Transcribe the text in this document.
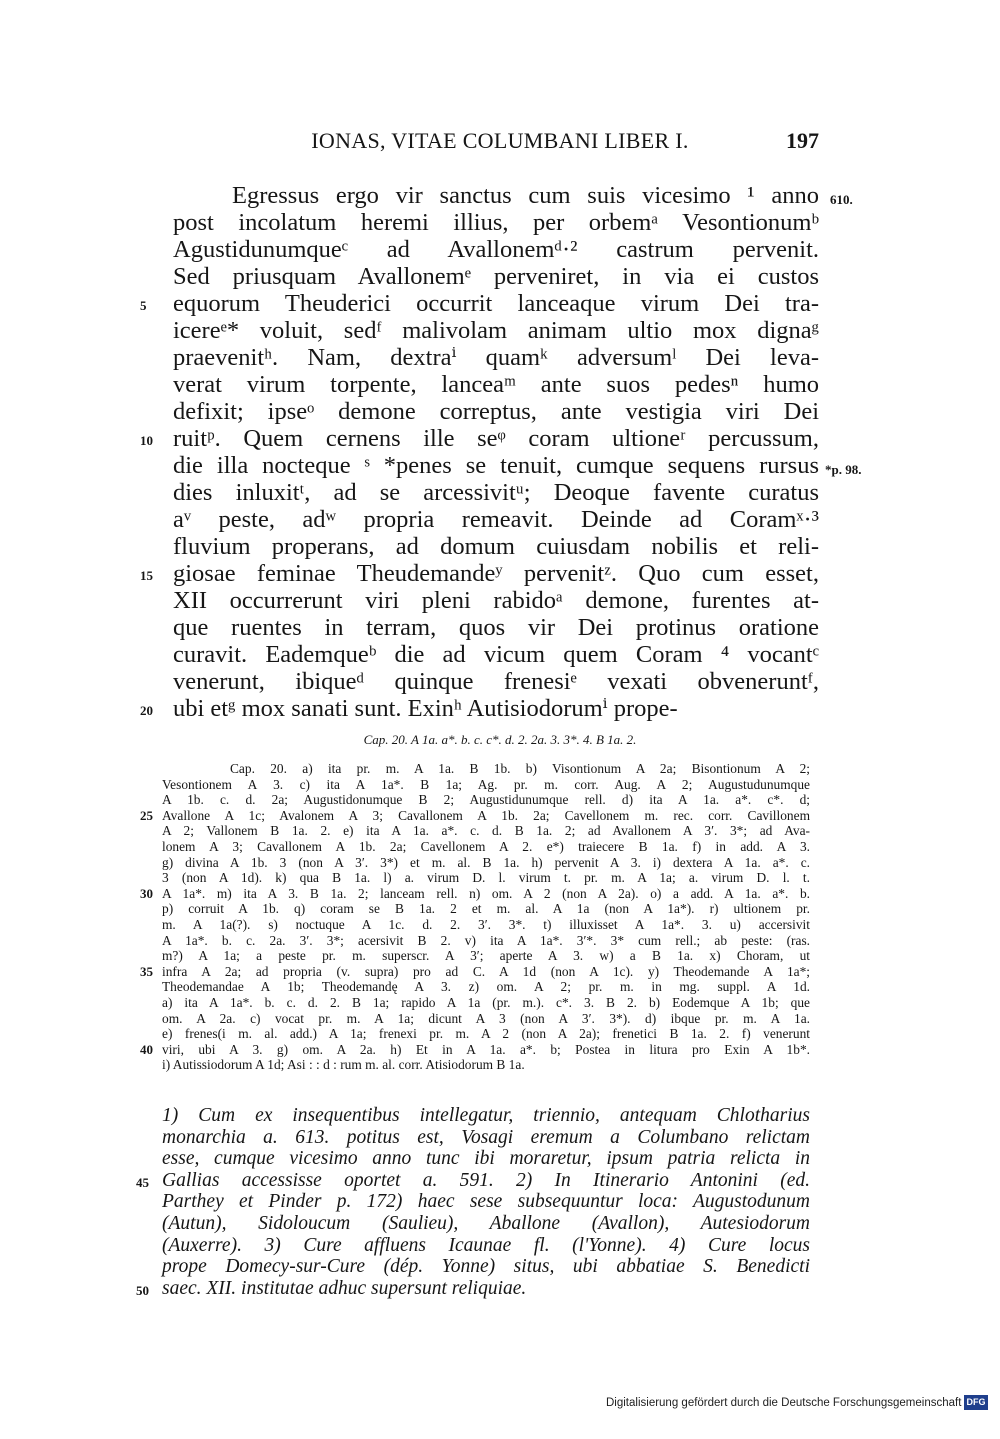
IONAS, VITAE COLUMBANI LIBER I.	197
Egressus ergo vir sanctus cum suis vicesimo ¹ anno
post incolatum heremi illius, per orbemᵃ Vesontionumᵇ
Agustidunumqueᶜ ad Avallonemᵈ·² castrum pervenit.
Sed priusquam Avallonemᵉ perveniret, in via ei custos
equorum Theuderici occurrit lanceaque virum Dei tra-
icereᵉ* voluit, sedᶠ malivolam animam ultio mox dignaᵍ
praevenitʰ. Nam, dextraⁱ quamᵏ adversumˡ Dei leva-
verat virum torpente, lanceaᵐ ante suos pedesⁿ humo
defixit; ipseᵒ demone correptus, ante vestigia viri Dei
ruitᵖ. Quem cernens ille seᵠ coram ultioneʳ percussum,
die illa nocteque ˢ *penes se tenuit, cumque sequens rursus
dies inluxitᵗ, ad se arcessivitᵘ; Deoque favente curatus
aᵛ peste, adʷ propria remeavit. Deinde ad Coramˣ·³
fluvium properans, ad domum cuiusdam nobilis et reli-
giosae feminae Theudemandeʸ pervenitᶻ. Quo cum esset,
XII occurrerunt viri pleni rabidoᵃ demone, furentes at-
que ruentes in terram, quos vir Dei protinus oratione
curavit. Eademqueᵇ die ad vicum quem Coram ⁴ vocantᶜ
venerunt, ibiqueᵈ quinque frenesiᵉ vexati obveneruntᶠ,
ubi etᵍ mox sanati sunt. Exinʰ Autisiodorumⁱ prope-
5
10
15
20
610.
*p. 98.
Cap. 20. A 1a. a*. b. c. c*. d. 2. 2a. 3. 3*. 4. B 1a. 2.
Cap. 20. a) ita pr. m. A 1a. B 1b. b) Visontionum A 2a; Bisontionum A 2;
Vesontionem A 3. c) ita A 1a*. B 1a; Ag. pr. m. corr. Aug. A 2; Augustudunumque
A 1b. c. d. 2a; Augustidonumque B 2; Augustidunumque rell. d) ita A 1a. a*. c*. d;
Avallone A 1c; Avalonem A 3; Cavallonem A 1b. 2a; Cavellonem m. rec. corr. Cavillonem
A 2; Vallonem B 1a. 2. e) ita A 1a. a*. c. d. B 1a. 2; ad Avallonem A 3′. 3*; ad Ava-
lonem A 3; Cavallonem A 1b. 2a; Cavellonem A 2. e*) traiecere B 1a. f) in add. A 3.
g) divina A 1b. 3 (non A 3′. 3*) et m. al. B 1a. h) pervenit A 3. i) dextera A 1a. a*. c.
3 (non A 1d). k) qua B 1a. l) a. virum D. l. virum t. pr. m. A 1a; a. virum D. l. t.
A 1a*. m) ita A 3. B 1a. 2; lanceam rell. n) om. A 2 (non A 2a). o) a add. A 1a. a*. b.
p) corruit A 1b. q) coram se B 1a. 2 et m. al. A 1a (non A 1a*). r) ultionem pr.
m. A 1a(?). s) noctuque A 1c. d. 2. 3′. 3*. t) illuxisset A 1a*. 3. u) accersivit
A 1a*. b. c. 2a. 3′. 3*; acersivit B 2. v) ita A 1a*. 3′*. 3* cum rell.; ab peste: (ras.
m?) A 1a; a peste pr. m. superscr. A 3′; aperte A 3. w) a B 1a. x) Choram, ut
infra A 2a; ad propria (v. supra) pro ad C. A 1d (non A 1c). y) Theodemande A 1a*;
Theodemandae A 1b; Theodemandę A 3. z) om. A 2; pr. m. in mg. suppl. A 1d.
a) ita A 1a*. b. c. d. 2. B 1a; rapido A 1a (pr. m.). c*. 3. B 2. b) Eodemque A 1b; que
om. A 2a. c) vocat pr. m. A 1a; dicunt A 3 (non A 3′. 3*). d) ibque pr. m. A 1a.
e) frenes(i m. al. add.) A 1a; frenexi pr. m. A 2 (non A 2a); frenetici B 1a. 2. f) venerunt
viri, ubi A 3. g) om. A 2a. h) Et in A 1a. a*. b; Postea in litura pro Exin A 1b*.
i) Autissiodorum A 1d; Asi : : d : rum m. al. corr. Atisiodorum B 1a.
25
30
35
40
1) Cum ex insequentibus intellegatur, triennio, antequam Chlotharius
monarchia a. 613. potitus est, Vosagi eremum a Columbano relictam
esse, cumque vicesimo anno tunc ibi moraretur, ipsum patria relicta in
Gallias accessisse oportet a. 591. 2) In Itinerario Antonini (ed.
Parthey et Pinder p. 172) haec sese subsequuntur loca: Augustodunum
(Autun), Sidoloucum (Saulieu), Aballone (Avallon), Autesiodorum
(Auxerre). 3) Cure affluens Icaunae fl. (l'Yonne). 4) Cure locus
prope Domecy-sur-Cure (dép. Yonne) situs, ubi abbatiae S. Benedicti
saec. XII. institutae adhuc supersunt reliquiae.
45
50
Digitalisierung gefördert durch die Deutsche Forschungsgemeinschaft DFG
